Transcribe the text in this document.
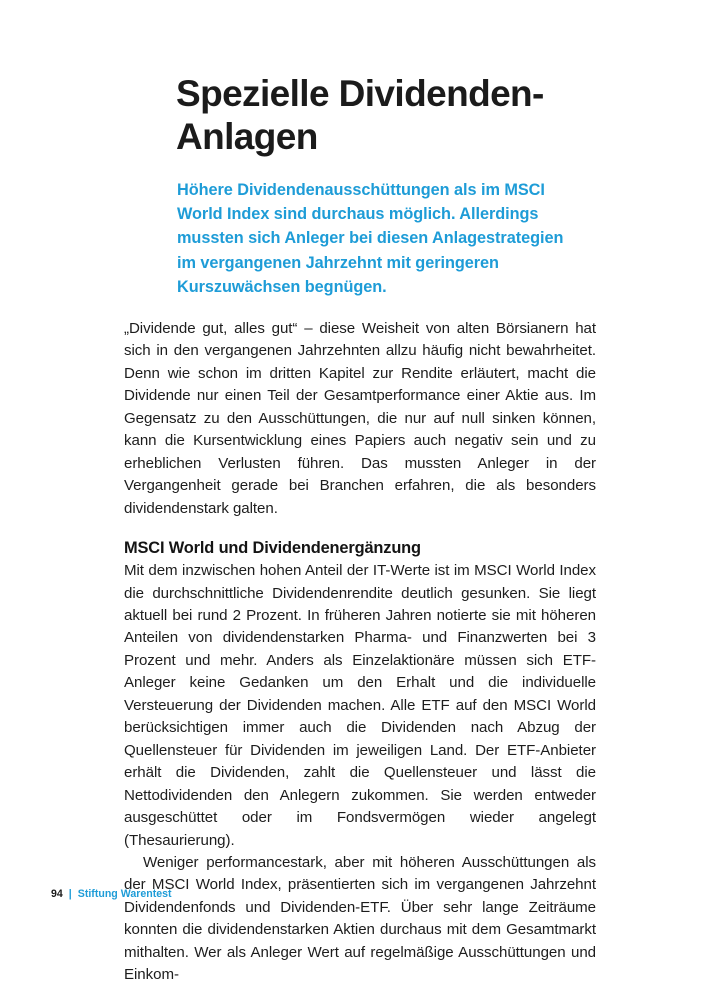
Spezielle Dividenden-Anlagen

Höhere Dividendenausschüttungen als im MSCI World Index sind durchaus möglich. Allerdings mussten sich Anleger bei diesen Anlagestrategien im vergangenen Jahrzehnt mit geringeren Kurszuwächsen begnügen.

„Dividende gut, alles gut“ – diese Weisheit von alten Börsianern hat sich in den vergangenen Jahrzehnten allzu häufig nicht bewahrheitet. Denn wie schon im dritten Kapitel zur Rendite erläutert, macht die Dividende nur einen Teil der Gesamtperformance einer Aktie aus. Im Gegensatz zu den Ausschüttungen, die nur auf null sinken können, kann die Kursentwicklung eines Papiers auch negativ sein und zu erheblichen Verlusten führen. Das mussten Anleger in der Vergangenheit gerade bei Branchen erfahren, die als besonders dividendenstark galten.

MSCI World und Dividendenergänzung

Mit dem inzwischen hohen Anteil der IT-Werte ist im MSCI World Index die durchschnittliche Dividendenrendite deutlich gesunken. Sie liegt aktuell bei rund 2 Prozent. In früheren Jahren notierte sie mit höheren Anteilen von dividendenstarken Pharma- und Finanzwerten bei 3 Prozent und mehr. Anders als Einzelaktionäre müssen sich ETF-Anleger keine Gedanken um den Erhalt und die individuelle Versteuerung der Dividenden machen. Alle ETF auf den MSCI World berücksichtigen immer auch die Dividenden nach Abzug der Quellensteuer für Dividenden im jeweiligen Land. Der ETF-Anbieter erhält die Dividenden, zahlt die Quellensteuer und lässt die Nettodividenden den Anlegern zukommen. Sie werden entweder ausgeschüttet oder im Fondsvermögen wieder angelegt (Thesaurierung).

Weniger performancestark, aber mit höheren Ausschüttungen als der MSCI World Index, präsentierten sich im vergangenen Jahrzehnt Dividendenfonds und Dividenden-ETF. Über sehr lange Zeiträume konnten die dividendenstarken Aktien durchaus mit dem Gesamtmarkt mithalten. Wer als Anleger Wert auf regelmäßige Ausschüttungen und Einkom-

94 | Stiftung Warentest
